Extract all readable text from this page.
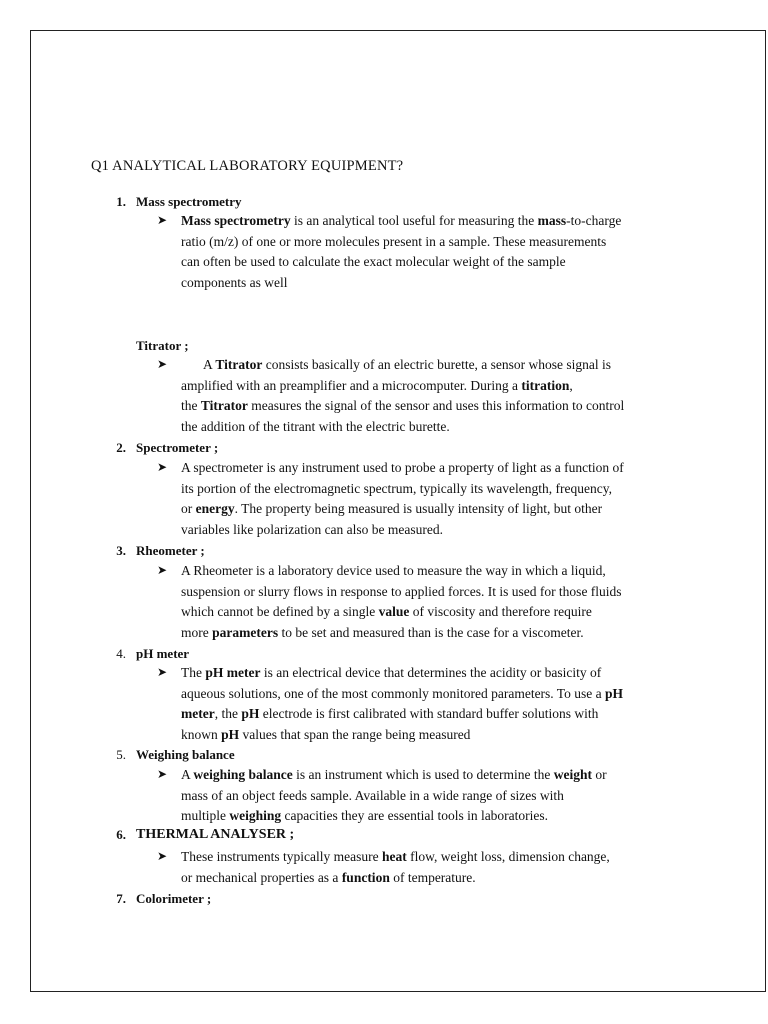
Q1 ANALYTICAL LABORATORY EQUIPMENT?
1. Mass spectrometry
➤ Mass spectrometry is an analytical tool useful for measuring the mass-to-charge
ratio (m/z) of one or more molecules present in a sample. These measurements
can often be used to calculate the exact molecular weight of the sample
components as well
Titrator ;
➤	A Titrator consists basically of an electric burette, a sensor whose signal is
amplified with an preamplifier and a microcomputer. During a titration,
the Titrator measures the signal of the sensor and uses this information to control
the addition of the titrant with the electric burette.
2. Spectrometer ;
➤ A spectrometer is any instrument used to probe a property of light as a function of
its portion of the electromagnetic spectrum, typically its wavelength, frequency,
or energy. The property being measured is usually intensity of light, but other
variables like polarization can also be measured.
3. Rheometer ;
➤ A Rheometer is a laboratory device used to measure the way in which a liquid,
suspension or slurry flows in response to applied forces. It is used for those fluids
which cannot be defined by a single value of viscosity and therefore require
more parameters to be set and measured than is the case for a viscometer.
4. pH meter
➤ The pH meter is an electrical device that determines the acidity or basicity of
aqueous solutions, one of the most commonly monitored parameters. To use a pH
meter, the pH electrode is first calibrated with standard buffer solutions with
known pH values that span the range being measured
5. Weighing balance
➤ A weighing balance is an instrument which is used to determine the weight or
mass of an object feeds sample. Available in a wide range of sizes with
multiple weighing capacities they are essential tools in laboratories.
6. THERMAL ANALYSER ;
➤ These instruments typically measure heat flow, weight loss, dimension change,
or mechanical properties as a function of temperature.
7. Colorimeter ;
